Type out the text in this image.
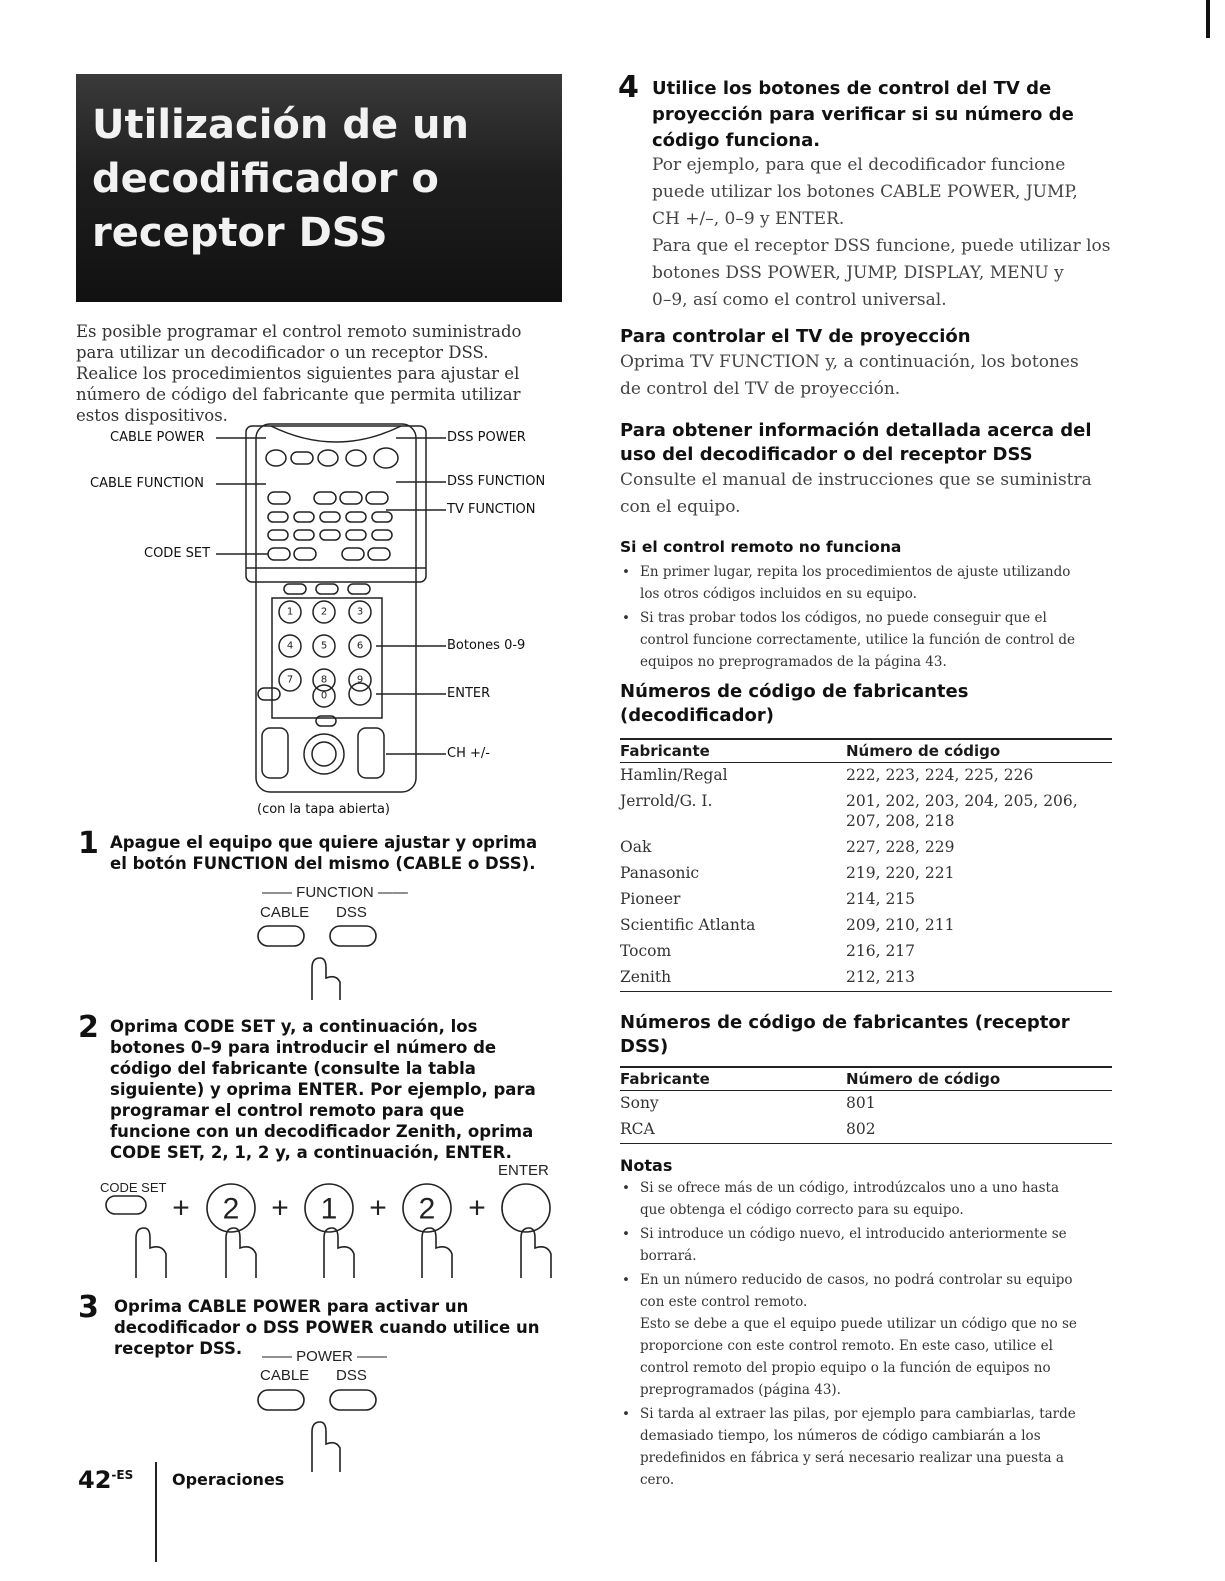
Utilización de un
decodificador o
receptor DSS
Es posible programar el control remoto suministrado
para utilizar un decodificador o un receptor DSS.
Realice los procedimientos siguientes para ajustar el
número de código del fabricante que permita utilizar
estos dispositivos.
1	2	3
4	5	6
7	8	9
0
CABLE POWER
CABLE FUNCTION
CODE SET
DSS POWER
DSS FUNCTION
TV FUNCTION
Botones 0-9
ENTER
CH +/-
(con la tapa abierta)
1 Apague el equipo que quiere ajustar y oprima
el botón FUNCTION del mismo (CABLE o DSS).
—— FUNCTION ——
CABLE DSS
2 Oprima CODE SET y, a continuación, los
botones 0–9 para introducir el número de
código del fabricante (consulte la tabla
siguiente) y oprima ENTER. Por ejemplo, para
programar el control remoto para que
funcione con un decodificador Zenith, oprima
CODE SET, 2, 1, 2 y, a continuación, ENTER.
CODE SET
ENTER
2	1	2
+	+	+	+
3 Oprima CABLE POWER para activar un
decodificador o DSS POWER cuando utilice un
receptor DSS.	—— POWER ——
CABLE DSS
$42^{-ES}$ Operaciones
4 Utilice los botones de control del TV de
proyección para verificar si su número de
código funciona.
Por ejemplo, para que el decodificador funcione
puede utilizar los botones CABLE POWER, JUMP,
CH +/–, 0–9 y ENTER.
Para que el receptor DSS funcione, puede utilizar los
botones DSS POWER, JUMP, DISPLAY, MENU y
0–9, así como el control universal.
Para controlar el TV de proyección
Oprima TV FUNCTION y, a continuación, los botones
de control del TV de proyección.
Para obtener información detallada acerca del
uso del decodificador o del receptor DSS
Consulte el manual de instrucciones que se suministra
con el equipo.
Si el control remoto no funciona
• En primer lugar, repita los procedimientos de ajuste utilizando
los otros códigos incluidos en su equipo.
• Si tras probar todos los códigos, no puede conseguir que el
control funcione correctamente, utilice la función de control de
equipos no preprogramados de la página 43.
Números de código de fabricantes
(decodificador)
Fabricante	Número de código
Hamlin/Regal	222, 223, 224, 225, 226
Jerrold/G. I.	201, 202, 203, 204, 205, 206, 207, 208, 218
Oak	227, 228, 229
Panasonic	219, 220, 221
Pioneer	214, 215
Scientific Atlanta	209, 210, 211
Tocom	216, 217
Zenith	212, 213
Números de código de fabricantes (receptor
DSS)
Fabricante	Número de código
Sony	801
RCA	802
Notas
• Si se ofrece más de un código, introdúzcalos uno a uno hasta
que obtenga el código correcto para su equipo.
• Si introduce un código nuevo, el introducido anteriormente se
borrará.
• En un número reducido de casos, no podrá controlar su equipo
con este control remoto.
Esto se debe a que el equipo puede utilizar un código que no se
proporcione con este control remoto. En este caso, utilice el
control remoto del propio equipo o la función de equipos no
preprogramados (página 43).
• Si tarda al extraer las pilas, por ejemplo para cambiarlas, tarde
demasiado tiempo, los números de código cambiarán a los
predefinidos en fábrica y será necesario realizar una puesta a
cero.
